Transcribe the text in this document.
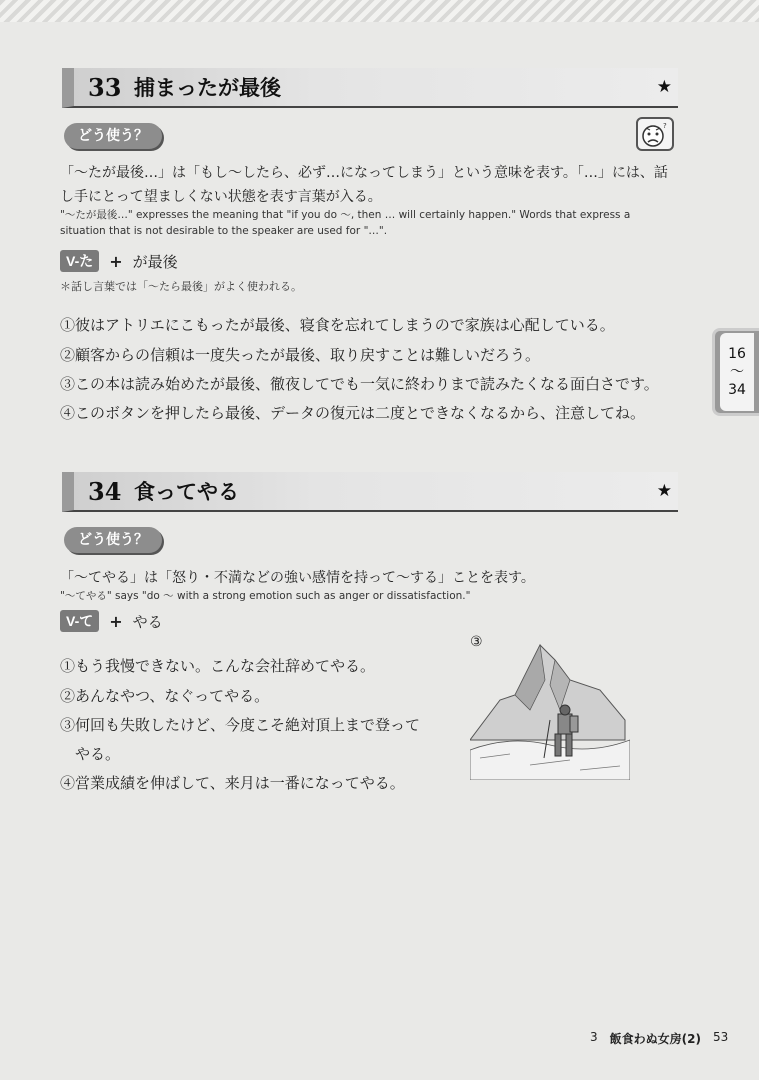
33 捕まったが最後	★
どう使う？
?
「〜たが最後…」は「もし〜したら、必ず…になってしまう」という意味を表す。「…」には、話
し手にとって望ましくない状態を表す言葉が入る。
"〜たが最後…" expresses the meaning that "if you do 〜, then … will certainly happen." Words that express a
situation that is not desirable to the speaker are used for "…".
V-た	+ が最後
＊話し言葉では「〜たら最後」がよく使われる。
①彼はアトリエにこもったが最後、寝食を忘れてしまうので家族は心配している。
②顧客からの信頼は一度失ったが最後、取り戻すことは難しいだろう。
③この本は読み始めたが最後、徹夜してでも一気に終わりまで読みたくなる面白さです。
④このボタンを押したら最後、データの復元は二度とできなくなるから、注意してね。
16
〜
34
34 食ってやる	★
どう使う？
「〜てやる」は「怒り・不満などの強い感情を持って〜する」ことを表す。
"〜てやる" says "do 〜 with a strong emotion such as anger or dissatisfaction."
V-て	+ やる
①もう我慢できない。こんな会社辞めてやる。
②あんなやつ、なぐってやる。
③何回も失敗したけど、今度こそ絶対頂上まで登って
　やる。
④営業成績を伸ばして、来月は一番になってやる。
③
3 飯食わぬ女房(2) 53
